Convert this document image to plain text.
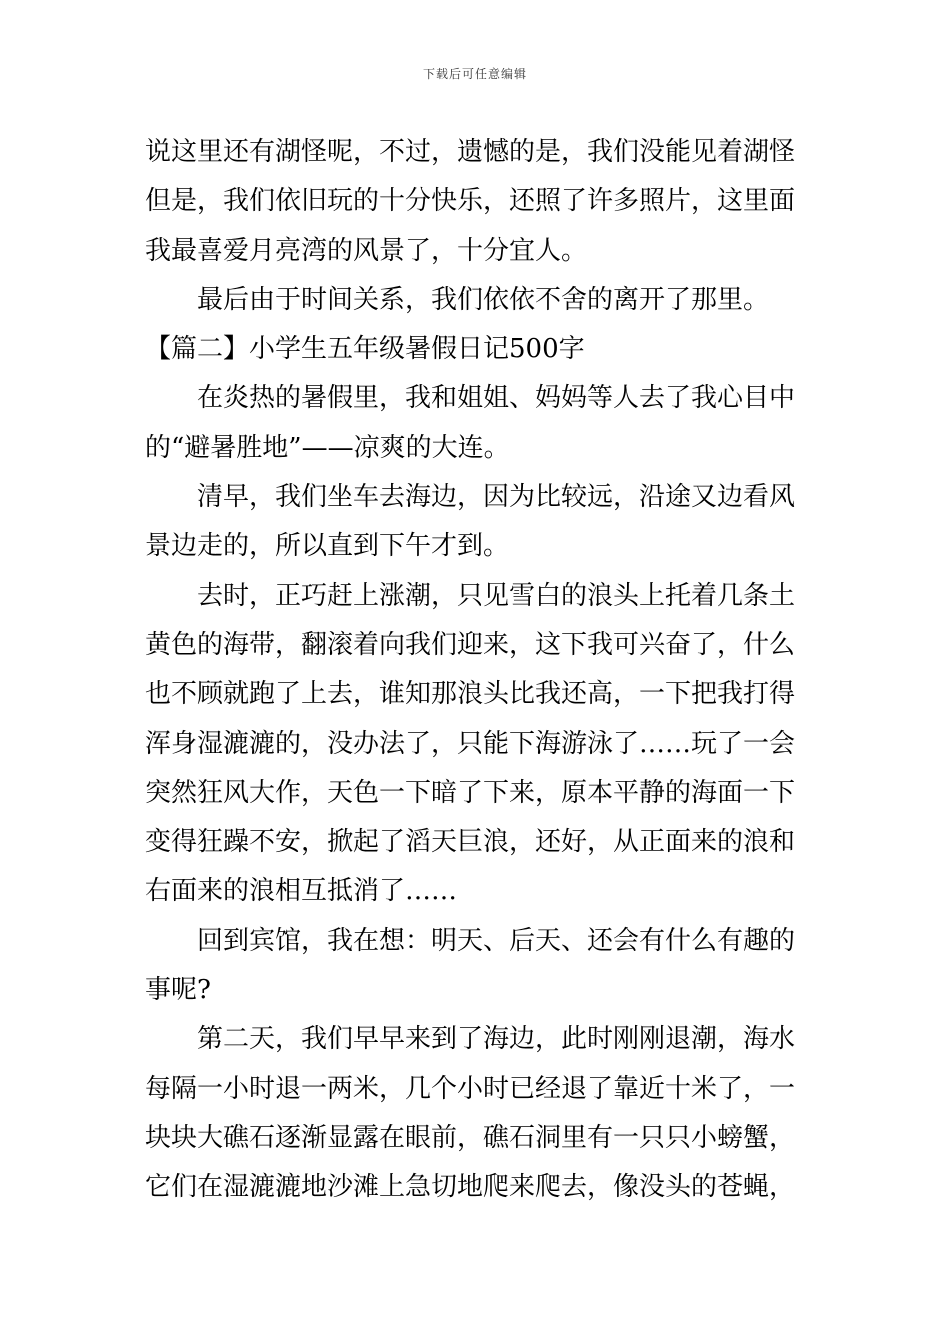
下载后可任意编辑
说这里还有湖怪呢，不过，遗憾的是，我们没能见着湖怪
但是，我们依旧玩的十分快乐，还照了许多照片，这里面
我最喜爱月亮湾的风景了，十分宜人。
最后由于时间关系，我们依依不舍的离开了那里。
【篇二】小学生五年级暑假日记500字
在炎热的暑假里，我和姐姐、妈妈等人去了我心目中
的“避暑胜地”——凉爽的大连。
清早，我们坐车去海边，因为比较远，沿途又边看风
景边走的，所以直到下午才到。
去时，正巧赶上涨潮，只见雪白的浪头上托着几条土
黄色的海带，翻滚着向我们迎来，这下我可兴奋了，什么
也不顾就跑了上去，谁知那浪头比我还高，一下把我打得
浑身湿漉漉的，没办法了，只能下海游泳了……玩了一会
突然狂风大作，天色一下暗了下来，原本平静的海面一下
变得狂躁不安，掀起了滔天巨浪，还好，从正面来的浪和
右面来的浪相互抵消了……
回到宾馆，我在想：明天、后天、还会有什么有趣的
事呢?
第二天，我们早早来到了海边，此时刚刚退潮，海水
每隔一小时退一两米，几个小时已经退了靠近十米了，一
块块大礁石逐渐显露在眼前，礁石洞里有一只只小螃蟹，
它们在湿漉漉地沙滩上急切地爬来爬去，像没头的苍蝇，
